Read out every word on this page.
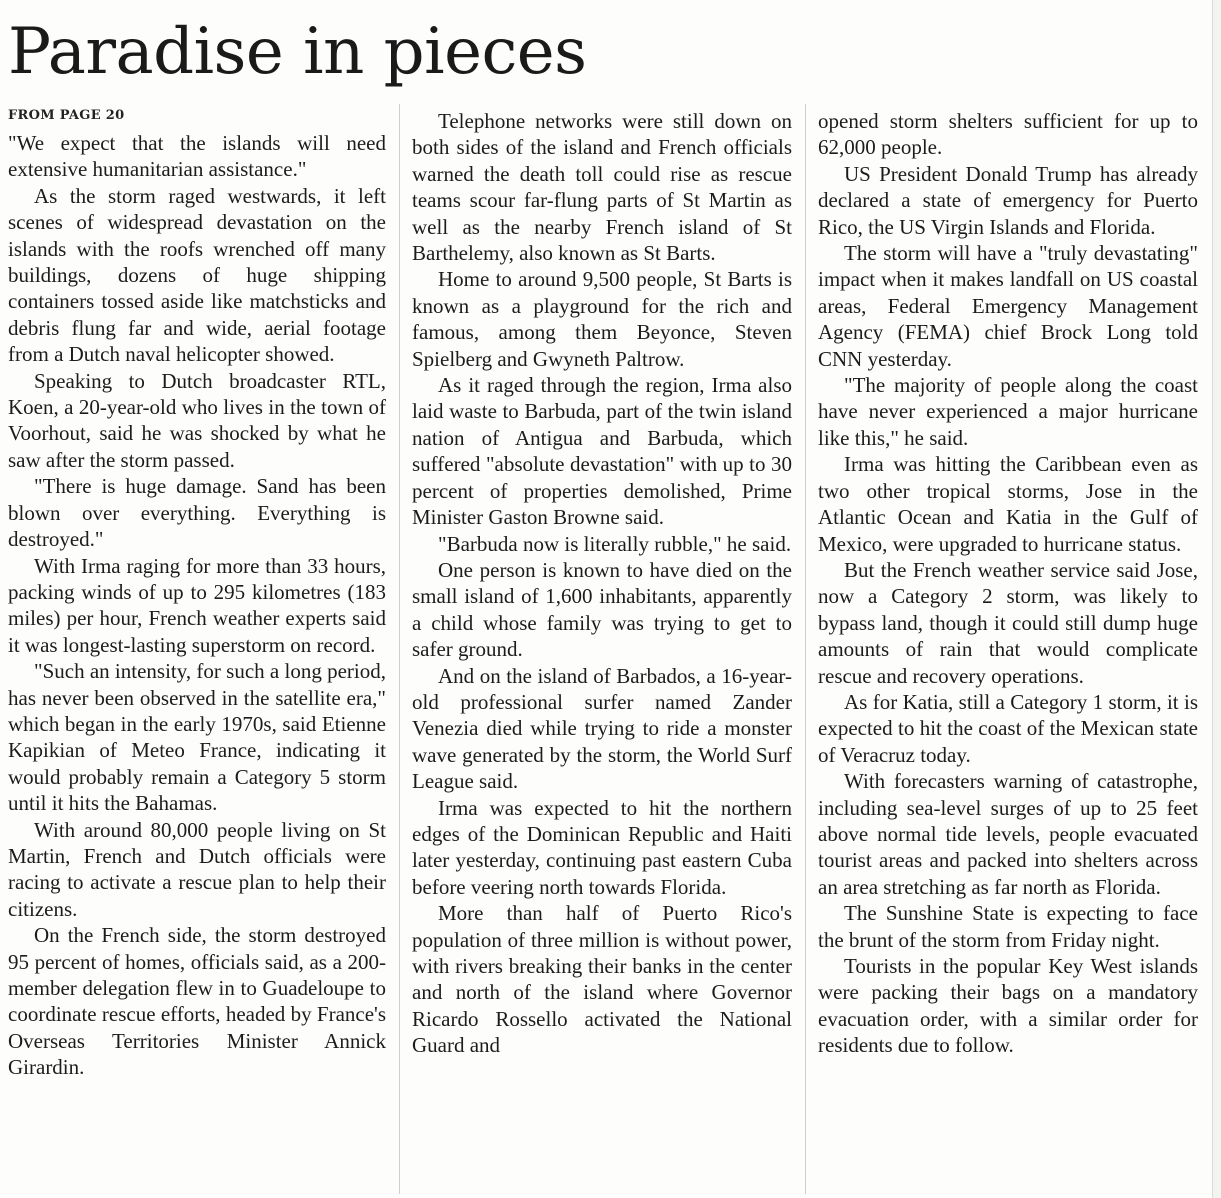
Paradise in pieces
FROM PAGE 20

"We expect that the islands will need extensive humanitarian assistance."

As the storm raged westwards, it left scenes of widespread devastation on the islands with the roofs wrenched off many buildings, dozens of huge shipping containers tossed aside like matchsticks and debris flung far and wide, aerial footage from a Dutch naval helicopter showed.

Speaking to Dutch broadcaster RTL, Koen, a 20-year-old who lives in the town of Voorhout, said he was shocked by what he saw after the storm passed.

"There is huge damage. Sand has been blown over everything. Everything is destroyed."

With Irma raging for more than 33 hours, packing winds of up to 295 kilometres (183 miles) per hour, French weather experts said it was longest-lasting superstorm on record.

"Such an intensity, for such a long period, has never been observed in the satellite era," which began in the early 1970s, said Etienne Kapikian of Meteo France, indicating it would probably remain a Category 5 storm until it hits the Bahamas.

With around 80,000 people living on St Martin, French and Dutch officials were racing to activate a rescue plan to help their citizens.

On the French side, the storm destroyed 95 percent of homes, officials said, as a 200-member delegation flew in to Guadeloupe to coordinate rescue efforts, headed by France's Overseas Territories Minister Annick Girardin.

Telephone networks were still down on both sides of the island and French officials warned the death toll could rise as rescue teams scour far-flung parts of St Martin as well as the nearby French island of St Barthelemy, also known as St Barts.

Home to around 9,500 people, St Barts is known as a playground for the rich and famous, among them Beyonce, Steven Spielberg and Gwyneth Paltrow.

As it raged through the region, Irma also laid waste to Barbuda, part of the twin island nation of Antigua and Barbuda, which suffered "absolute devastation" with up to 30 percent of properties demolished, Prime Minister Gaston Browne said.

"Barbuda now is literally rubble," he said.

One person is known to have died on the small island of 1,600 inhabitants, apparently a child whose family was trying to get to safer ground.

And on the island of Barbados, a 16-year-old professional surfer named Zander Venezia died while trying to ride a monster wave generated by the storm, the World Surf League said.

Irma was expected to hit the northern edges of the Dominican Republic and Haiti later yesterday, continuing past eastern Cuba before veering north towards Florida.

More than half of Puerto Rico's population of three million is without power, with rivers breaking their banks in the center and north of the island where Governor Ricardo Rossello activated the National Guard and

opened storm shelters sufficient for up to 62,000 people.

US President Donald Trump has already declared a state of emergency for Puerto Rico, the US Virgin Islands and Florida.

The storm will have a "truly devastating" impact when it makes landfall on US coastal areas, Federal Emergency Management Agency (FEMA) chief Brock Long told CNN yesterday.

"The majority of people along the coast have never experienced a major hurricane like this," he said.

Irma was hitting the Caribbean even as two other tropical storms, Jose in the Atlantic Ocean and Katia in the Gulf of Mexico, were upgraded to hurricane status.

But the French weather service said Jose, now a Category 2 storm, was likely to bypass land, though it could still dump huge amounts of rain that would complicate rescue and recovery operations.

As for Katia, still a Category 1 storm, it is expected to hit the coast of the Mexican state of Veracruz today.

With forecasters warning of catastrophe, including sea-level surges of up to 25 feet above normal tide levels, people evacuated tourist areas and packed into shelters across an area stretching as far north as Florida.

The Sunshine State is expecting to face the brunt of the storm from Friday night.

Tourists in the popular Key West islands were packing their bags on a mandatory evacuation order, with a similar order for residents due to follow.
